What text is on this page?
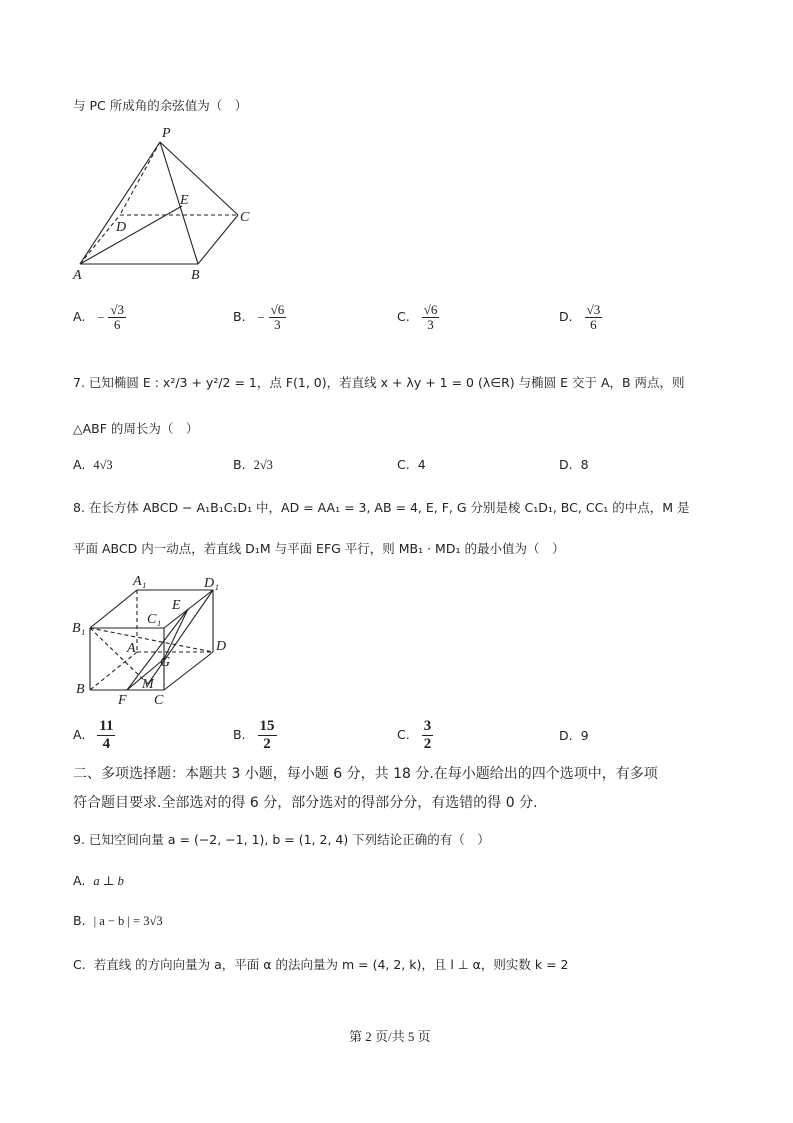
与 PC 所成角的余弦值为（　）
P
E
D
C
A	B
A. − $\frac{√3}{6}$	B. − $\frac{√6}{3}$	C. $\frac{√6}{3}$	D. $\frac{√3}{6}$
7. 已知椭圆 E : x²/3 + y²/2 = 1，点 F(1, 0)，若直线 x + λy + 1 = 0 (λ∈R) 与椭圆 E 交于 A，B 两点，则
△ABF 的周长为（　）
A. 4√3	B. 2√3	C. 4	D. 8
8. 在长方体 ABCD − A₁B₁C₁D₁ 中，AD = AA₁ = 3, AB = 4, E, F, G 分别是棱 C₁D₁, BC, CC₁ 的中点，M 是
平面 ABCD 内一动点，若直线 D₁M 与平面 EFG 平行，则 MB₁ · MD₁ 的最小值为（　）
A₁	D₁
E
C₁
B₁
D
A
G
B	M
F C
A. $\frac{11}{4}$	B. $\frac{15}{2}$	C. $\frac{3}{2}$	D. 9
二、多项选择题：本题共 3 小题，每小题 6 分，共 18 分.在每小题给出的四个选项中，有多项
符合题目要求.全部选对的得 6 分，部分选对的得部分分，有选错的得 0 分.
9. 已知空间向量 a = (−2, −1, 1), b = (1, 2, 4) 下列结论正确的有（　）
A. a ⊥ b
B. | a − b | = 3√3
C. 若直线 的方向向量为 a，平面 α 的法向量为 m = (4, 2, k)，且 l ⊥ α，则实数 k = 2
第 2 页/共 5 页
